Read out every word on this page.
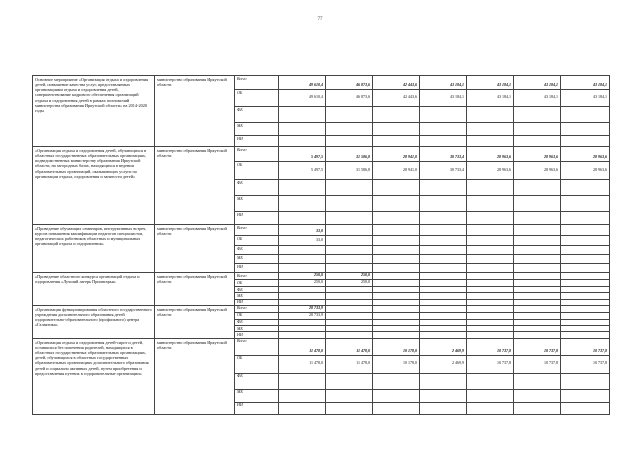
77
Основное мероприятие «Организация отдыха и оздоровления детей, повышение качества услуг, предоставляемых организациями отдыха и оздоровления детей, совершенствование кадрового обеспечения организаций отдыха и оздоровления детей в рамках полномочий министерства образования Иркутской области» на 2014-2020 годы	министерство образования Иркутской области	Всего	49 610,4	46 873,6	42 443,6	43 184,1	43 184,1	43 184,1	43 184,1
		ОБ	49 610,4	46 873,6	42 443,6	43 184,1	43 184,1	43 184,1	43 184,1
		ФБ							
		МБ							
		НИ							
«Организация отдыха и оздоровления детей, обучающихся в областных государственных образовательных организациях, подведомственных министерству образования Иркутской области, на загородных базах, находящихся в ведении образовательных организаций, оказывающих услуги по организации отдыха, оздоровления и занятости детей»	министерство образования Иркутской области	Всего	5 497,5	31 586,8	28 941,0	30 733,4	28 963,6	28 963,6	28 963,6
		ОБ	5 497,5	31 586,8	28 941,0	30 733,4	28 963,6	28 963,6	28 963,6
		ФБ							
		МБ							
		НИ							
«Проведение обучающих семинаров, инструктивных встреч, курсов повышения квалификации педагогов специалистов, педагогических работников областных и муниципальных организаций отдыха и оздоровления»	министерство образования Иркутской области	Всего	33,0						
		ОБ	33,0						
		ФБ							
		МБ							
		НИ							
«Проведение областного конкурса организаций отдыха и оздоровления «Лучший лагерь Приангарья»	министерство образования Иркутской области	Всего	250,0	250,0					
		ОБ	250,0	250,0					
		ФБ							
		МБ							
		НИ							
«Организация функционирования областного государственного учреждения дополнительного образования детей оздоровительно-образовательного (профильного) центра «Галактика»	министерство образования Иркутской области	Всего	28 733,9						
		ОБ	28 733,9						
		ФБ							
		МБ							
		НИ							
«Организация отдыха и оздоровления детей-сирот и детей, оставшихся без попечения родителей, находящихся в областных государственных образовательных организациях, детей, обучающихся в областных государственных образовательных организациях дополнительного образования детей и социально активных детей, путем приобретения и предоставления путевок в оздоровительные организации»	министерство образования Иркутской области	Всего	11 478,0	11 478,0	10 178,0	2 469,9	10 737,8	10 737,8	10 737,8
		ОБ	11 478,0	11 478,0	10 178,0	2 469,9	10 737,8	10 737,8	10 737,8
		ФБ							
		МБ							
		НИ							
